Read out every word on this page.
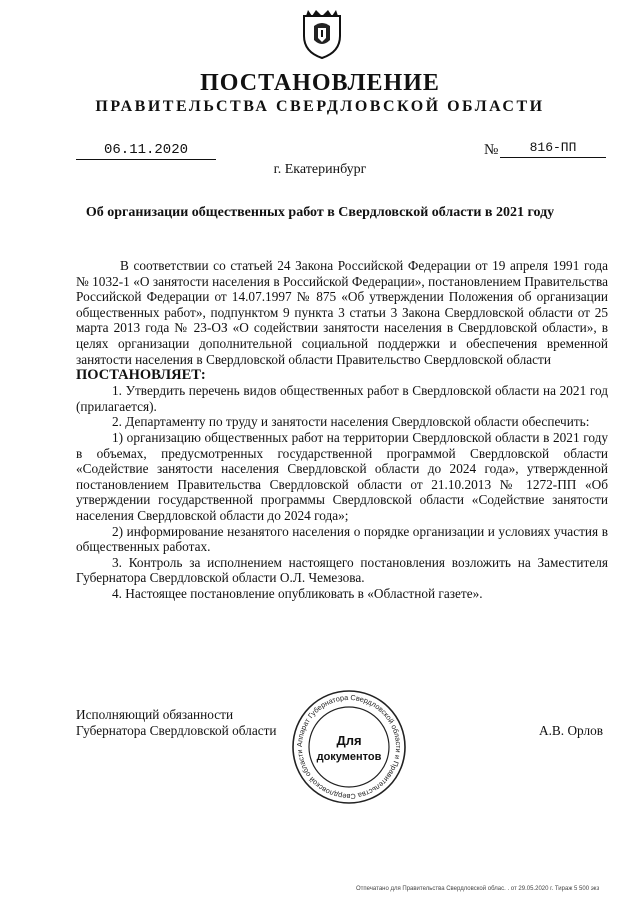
ПОСТАНОВЛЕНИЕ
ПРАВИТЕЛЬСТВА СВЕРДЛОВСКОЙ ОБЛАСТИ
06.11.2020	№	816-ПП
г. Екатеринбург
Об организации общественных работ в Свердловской области в 2021 году

В соответствии со статьей 24 Закона Российской Федерации от 19 апреля 1991 года № 1032-1 «О занятости населения в Российской Федерации», постановлением Правительства Российской Федерации от 14.07.1997 № 875 «Об утверждении Положения об организации общественных работ», подпунктом 9 пункта 3 статьи 3 Закона Свердловской области от 25 марта 2013 года № 23-ОЗ «О содействии занятости населения в Свердловской области», в целях организации дополнительной социальной поддержки и обеспечения временной занятости населения в Свердловской области Правительство Свердловской области

ПОСТАНОВЛЯЕТ:

1. Утвердить перечень видов общественных работ в Свердловской области на 2021 год (прилагается).

2. Департаменту по труду и занятости населения Свердловской области обеспечить:

1) организацию общественных работ на территории Свердловской области в 2021 году в объемах, предусмотренных государственной программой Свердловской области «Содействие занятости населения Свердловской области до 2024 года», утвержденной постановлением Правительства Свердловской области от 21.10.2013 № 1272-ПП «Об утверждении государственной программы Свердловской области «Содействие занятости населения Свердловской области до 2024 года»;

2) информирование незанятого населения о порядке организации и условиях участия в общественных работах.

3. Контроль за исполнением настоящего постановления возложить на Заместителя Губернатора Свердловской области О.Л. Чемезова.

4. Настоящее постановление опубликовать в «Областной газете».

Исполняющий обязанности
Губернатора Свердловской области	А.В. Орлов
Аппарат Губернатора Свердловской области и Правительства Свердловской области
Для
документов
Отпечатано для Правительства Свердловской облас. . от 29.05.2020 г. Тираж 5 500 экз
